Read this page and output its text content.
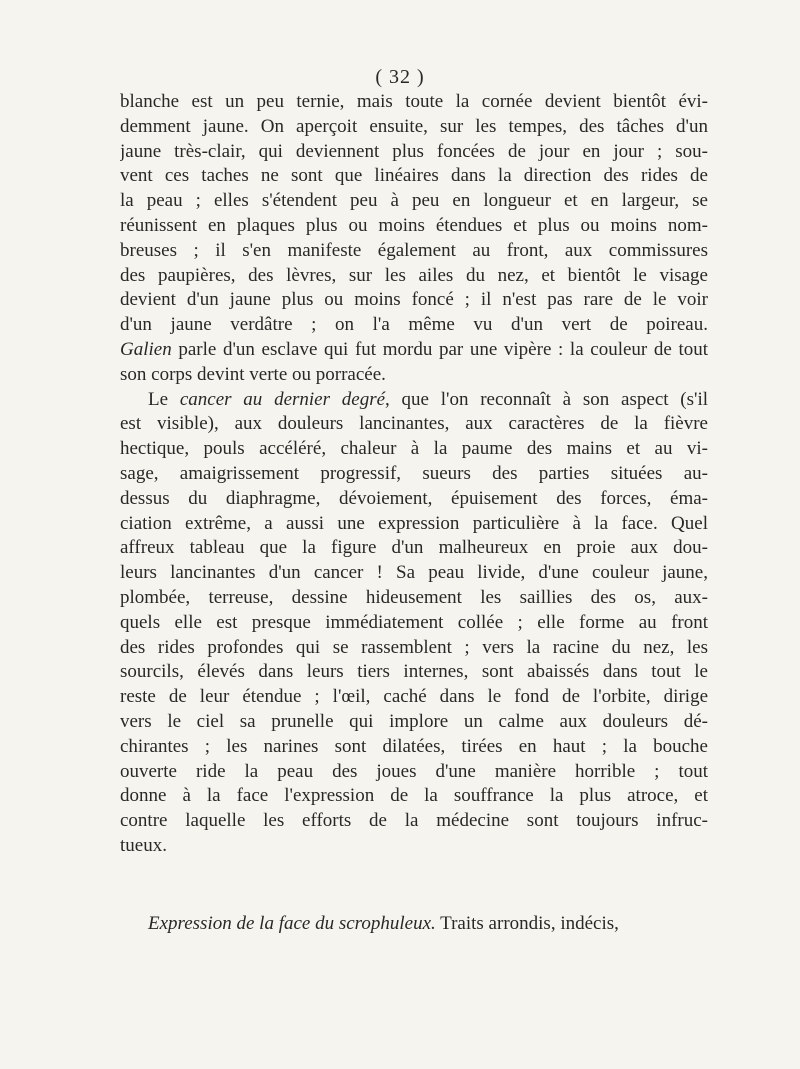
( 32 )
blanche est un peu ternie, mais toute la cornée devient bientôt évi-
demment jaune. On aperçoit ensuite, sur les tempes, des tâches d'un
jaune très-clair, qui deviennent plus foncées de jour en jour ; sou-
vent ces taches ne sont que linéaires dans la direction des rides de
la peau ; elles s'étendent peu à peu en longueur et en largeur, se
réunissent en plaques plus ou moins étendues et plus ou moins nom-
breuses ; il s'en manifeste également au front, aux commissures
des paupières, des lèvres, sur les ailes du nez, et bientôt le visage
devient d'un jaune plus ou moins foncé ; il n'est pas rare de le voir
d'un jaune verdâtre ; on l'a même vu d'un vert de poireau.
Galien parle d'un esclave qui fut mordu par une vipère : la couleur de tout
son corps devint verte ou porracée.
Le cancer au dernier degré, que l'on reconnaît à son aspect (s'il
est visible), aux douleurs lancinantes, aux caractères de la fièvre
hectique, pouls accéléré, chaleur à la paume des mains et au vi-
sage, amaigrissement progressif, sueurs des parties situées au-
dessus du diaphragme, dévoiement, épuisement des forces, éma-
ciation extrême, a aussi une expression particulière à la face. Quel
affreux tableau que la figure d'un malheureux en proie aux dou-
leurs lancinantes d'un cancer ! Sa peau livide, d'une couleur jaune,
plombée, terreuse, dessine hideusement les saillies des os, aux-
quels elle est presque immédiatement collée ; elle forme au front
des rides profondes qui se rassemblent ; vers la racine du nez, les
sourcils, élevés dans leurs tiers internes, sont abaissés dans tout le
reste de leur étendue ; l'œil, caché dans le fond de l'orbite, dirige
vers le ciel sa prunelle qui implore un calme aux douleurs dé-
chirantes ; les narines sont dilatées, tirées en haut ; la bouche
ouverte ride la peau des joues d'une manière horrible ; tout
donne à la face l'expression de la souffrance la plus atroce, et
contre laquelle les efforts de la médecine sont toujours infruc-
tueux.
Expression de la face du scrophuleux. Traits arrondis, indécis,
